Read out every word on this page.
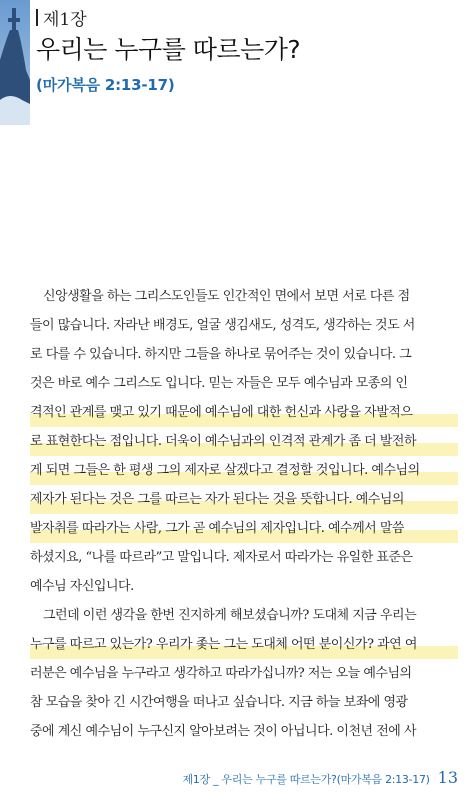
제1장
우리는 누구를 따르는가?
(마가복음 2:13-17)

신앙생활을 하는 그리스도인들도 인간적인 면에서 보면 서로 다른 점
들이 많습니다. 자라난 배경도, 얼굴 생김새도, 성격도, 생각하는 것도 서
로 다를 수 있습니다. 하지만 그들을 하나로 묶어주는 것이 있습니다. 그
것은 바로 예수 그리스도 입니다. 믿는 자들은 모두 예수님과 모종의 인
격적인 관계를 맺고 있기 때문에 예수님에 대한 헌신과 사랑을 자발적으
로 표현한다는 점입니다. 더욱이 예수님과의 인격적 관계가 좀 더 발전하
게 되면 그들은 한 평생 그의 제자로 살겠다고 결정할 것입니다. 예수님의
제자가 된다는 것은 그를 따르는 자가 된다는 것을 뜻합니다. 예수님의
발자취를 따라가는 사람, 그가 곧 예수님의 제자입니다. 예수께서 말씀
하셨지요, “나를 따르라”고 말입니다. 제자로서 따라가는 유일한 표준은
예수님 자신입니다.

그런데 이런 생각을 한번 진지하게 해보셨습니까? 도대체 지금 우리는
누구를 따르고 있는가? 우리가 좇는 그는 도대체 어떤 분이신가? 과연 여
러분은 예수님을 누구라고 생각하고 따라가십니까? 저는 오늘 예수님의
참 모습을 찾아 긴 시간여행을 떠나고 싶습니다. 지금 하늘 보좌에 영광
중에 계신 예수님이 누구신지 알아보려는 것이 아닙니다. 이천년 전에 사

제1장 _ 우리는 누구를 따르는가?(마가복음 2:13-17) 13
